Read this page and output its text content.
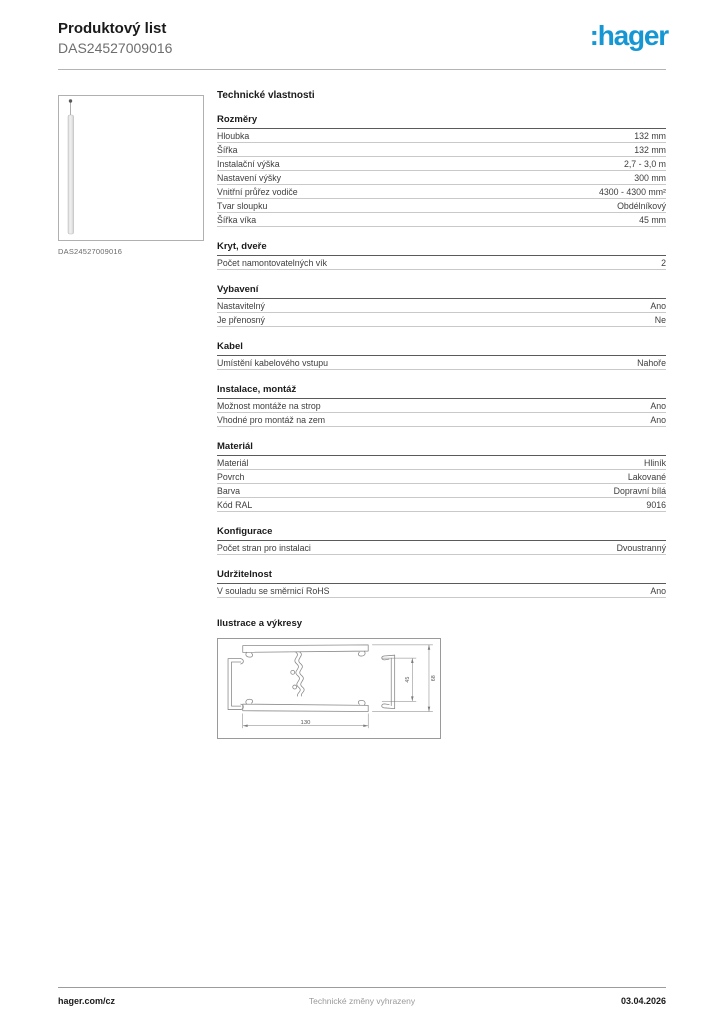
Produktový list
DAS24527009016	:hager
DAS24527009016
Technické vlastnosti
Rozměry
Hloubka	132 mm
Šířka	132 mm
Instalační výška	2,7 - 3,0 m
Nastavení výšky	300 mm
Vnitřní průřez vodiče	4300 - 4300 mm²
Tvar sloupku	Obdélníkový
Šířka víka	45 mm
Kryt, dveře
Počet namontovatelných vík	2
Vybavení
Nastavitelný	Ano
Je přenosný	Ne
Kabel
Umístění kabelového vstupu	Nahoře
Instalace, montáž
Možnost montáže na strop	Ano
Vhodné pro montáž na zem	Ano
Materiál
Materiál	Hliník
Povrch	Lakované
Barva	Dopravní bílá
Kód RAL	9016
Konfigurace
Počet stran pro instalaci	Dvoustranný
Udržitelnost
V souladu se směrnicí RoHS	Ano
Ilustrace a výkresy
130
45	68
hager.com/cz	Technické změny vyhrazeny	03.04.2026
